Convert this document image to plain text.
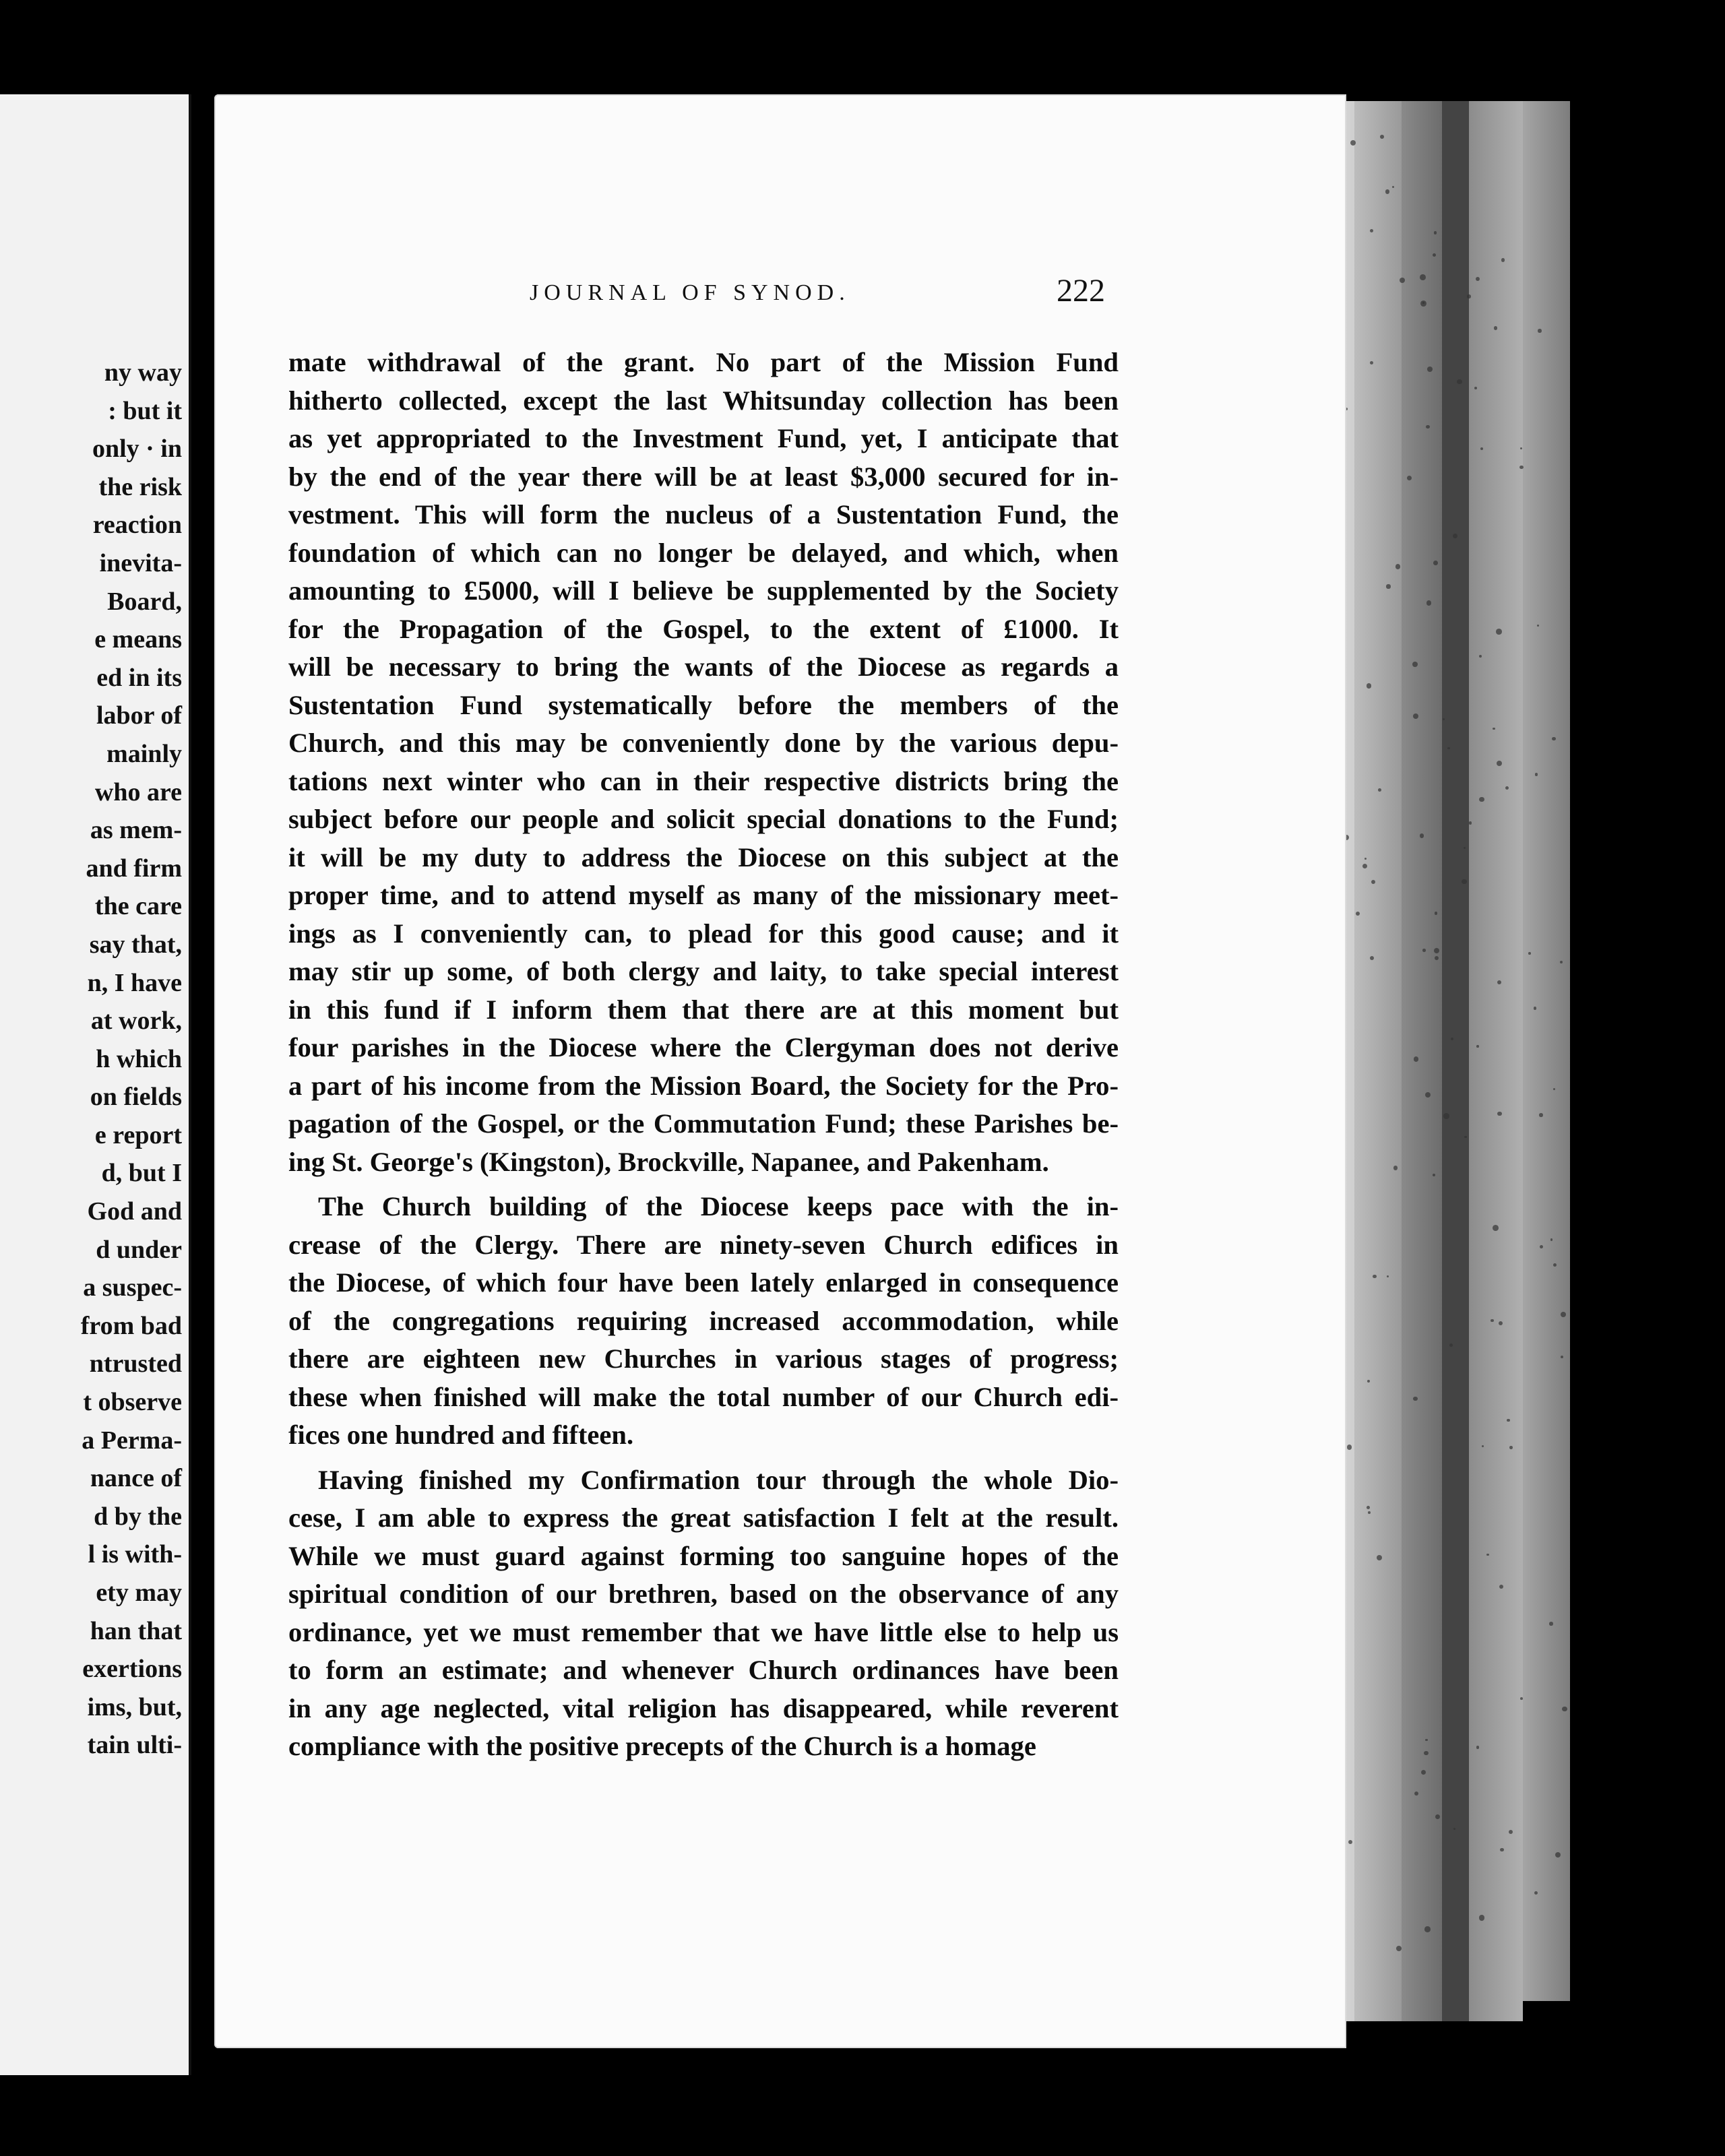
ny way
: but it
only · in
the risk
reaction
inevita-
Board,
e means
ed in its
labor of
mainly
who are
as mem-
and firm
the care
say that,
n, I have
at work,
h which
on fields
e report
d, but I
God and
d under
a suspec-
from bad
ntrusted
t observe
a Perma-
nance of
d by the
l is with-
ety may
han that
exertions
ims, but,
tain ulti-
JOURNAL OF SYNOD.	222
mate withdrawal of the grant. No part of the Mission Fund
hitherto collected, except the last Whitsunday collection has been
as yet appropriated to the Investment Fund, yet, I anticipate that
by the end of the year there will be at least $3,000 secured for in-
vestment. This will form the nucleus of a Sustentation Fund, the
foundation of which can no longer be delayed, and which, when
amounting to £5000, will I believe be supplemented by the Society
for the Propagation of the Gospel, to the extent of £1000. It
will be necessary to bring the wants of the Diocese as regards a
Sustentation Fund systematically before the members of the
Church, and this may be conveniently done by the various depu-
tations next winter who can in their respective districts bring the
subject before our people and solicit special donations to the Fund;
it will be my duty to address the Diocese on this subject at the
proper time, and to attend myself as many of the missionary meet-
ings as I conveniently can, to plead for this good cause; and it
may stir up some, of both clergy and laity, to take special interest
in this fund if I inform them that there are at this moment but
four parishes in the Diocese where the Clergyman does not derive
a part of his income from the Mission Board, the Society for the Pro-
pagation of the Gospel, or the Commutation Fund; these Parishes be-
ing St. George's (Kingston), Brockville, Napanee, and Pakenham.
The Church building of the Diocese keeps pace with the in-
crease of the Clergy. There are ninety-seven Church edifices in
the Diocese, of which four have been lately enlarged in consequence
of the congregations requiring increased accommodation, while
there are eighteen new Churches in various stages of progress;
these when finished will make the total number of our Church edi-
fices one hundred and fifteen.
Having finished my Confirmation tour through the whole Dio-
cese, I am able to express the great satisfaction I felt at the result.
While we must guard against forming too sanguine hopes of the
spiritual condition of our brethren, based on the observance of any
ordinance, yet we must remember that we have little else to help us
to form an estimate; and whenever Church ordinances have been
in any age neglected, vital religion has disappeared, while reverent
compliance with the positive precepts of the Church is a homage
